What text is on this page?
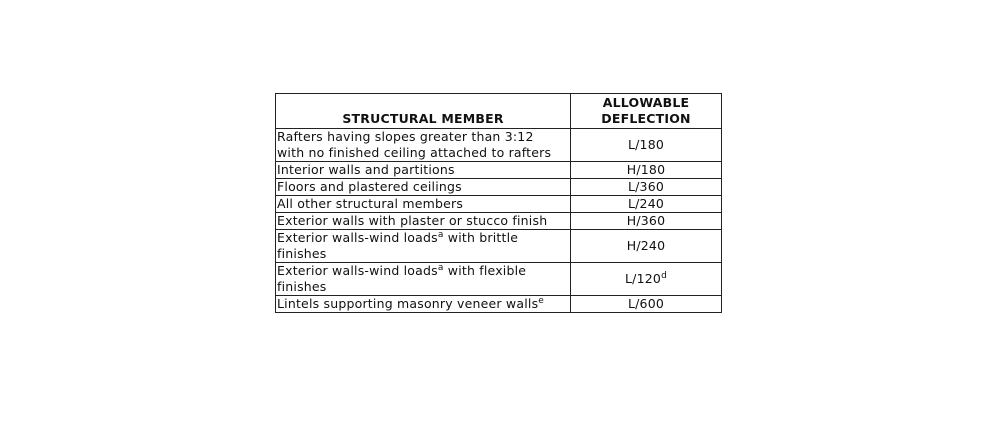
STRUCTURAL MEMBER	ALLOWABLE
DEFLECTION
Rafters having slopes greater than 3:12
with no finished ceiling attached to rafters	L/180
Interior walls and partitions	H/180
Floors and plastered ceilings	L/360
All other structural members	L/240
Exterior walls with plaster or stucco finish	H/360
Exterior walls-wind loads$^a$ with brittle
finishes	H/240
Exterior walls-wind loads$^a$ with flexible
finishes	L/120$^d$
Lintels supporting masonry veneer walls$^e$	L/600
